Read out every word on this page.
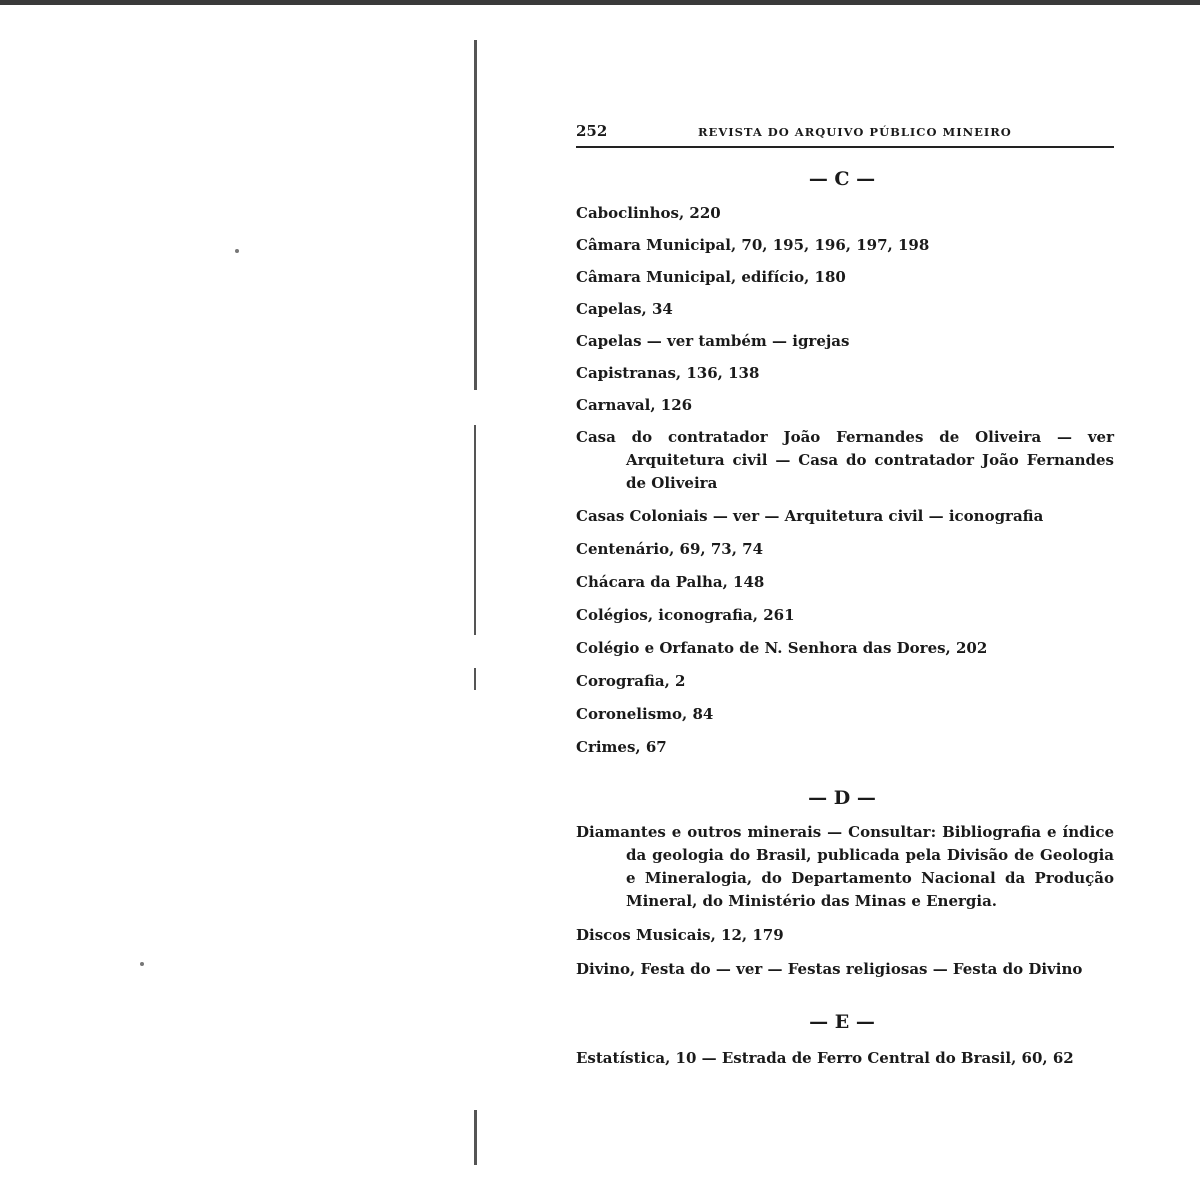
252	REVISTA DO ARQUIVO PÚBLICO MINEIRO
— C —
Caboclinhos, 220
Câmara Municipal, 70, 195, 196, 197, 198
Câmara Municipal, edifício, 180
Capelas, 34
Capelas — ver também — igrejas
Capistranas, 136, 138
Carnaval, 126
Casa do contratador João Fernandes de Oliveira — ver Arquitetura civil — Casa do contratador João Fernandes de Oliveira
Casas Coloniais — ver — Arquitetura civil — iconografia
Centenário, 69, 73, 74
Chácara da Palha, 148
Colégios, iconografia, 261
Colégio e Orfanato de N. Senhora das Dores, 202
Corografia, 2
Coronelismo, 84
Crimes, 67
— D —
Diamantes e outros minerais — Consultar: Bibliografia e índice da geologia do Brasil, publicada pela Divisão de Geologia e Mineralogia, do Departamento Nacional da Produção Mineral, do Ministério das Minas e Energia.
Discos Musicais, 12, 179
Divino, Festa do — ver — Festas religiosas — Festa do Divino
— E —
Estatística, 10 — Estrada de Ferro Central do Brasil, 60, 62
